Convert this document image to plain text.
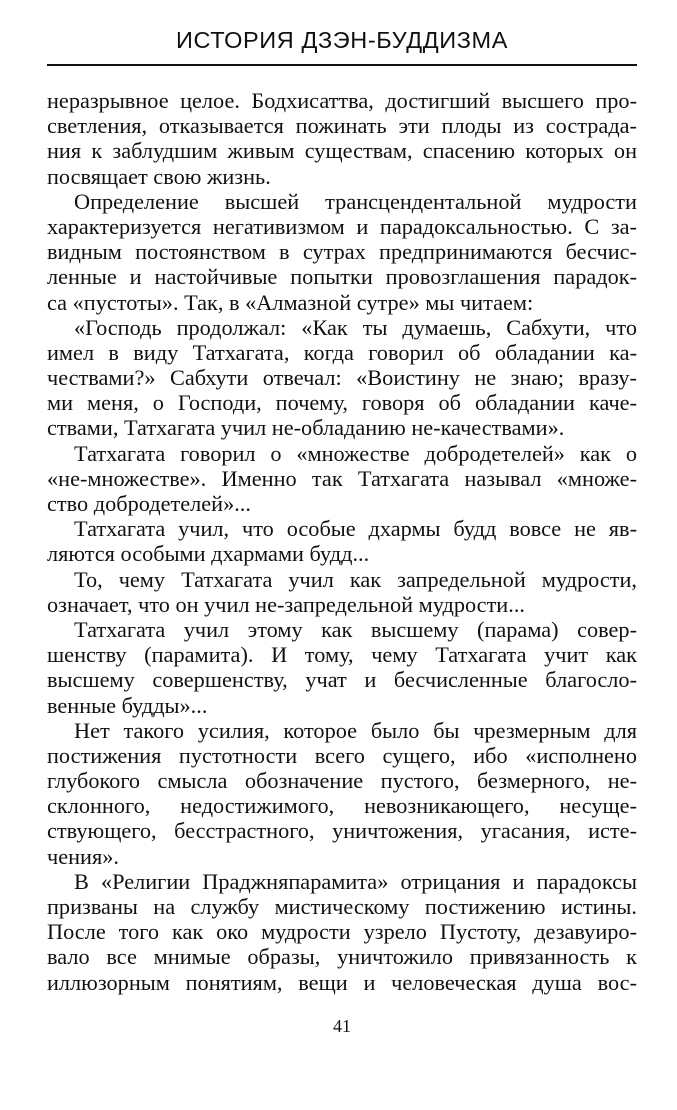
ИСТОРИЯ ДЗЭН-БУДДИЗМА
неразрывное целое. Бодхисаттва, достигший высшего про-
светления, отказывается пожинать эти плоды из сострада-
ния к заблудшим живым существам, спасению которых он
посвящает свою жизнь.
Определение высшей трансцендентальной мудрости
характеризуется негативизмом и парадоксальностью. С за-
видным постоянством в сутрах предпринимаются бесчис-
ленные и настойчивые попытки провозглашения парадок-
са «пустоты». Так, в «Алмазной сутре» мы читаем:
«Господь продолжал: «Как ты думаешь, Сабхути, что
имел в виду Татхагата, когда говорил об обладании ка-
чествами?» Сабхути отвечал: «Воистину не знаю; вразу-
ми меня, о Господи, почему, говоря об обладании каче-
ствами, Татхагата учил не-обладанию не-качествами».
Татхагата говорил о «множестве добродетелей» как о
«не-множестве». Именно так Татхагата называл «множе-
ство добродетелей»...
Татхагата учил, что особые дхармы будд вовсе не яв-
ляются особыми дхармами будд...
То, чему Татхагата учил как запредельной мудрости,
означает, что он учил не-запредельной мудрости...
Татхагата учил этому как высшему (парама) совер-
шенству (парамита). И тому, чему Татхагата учит как
высшему совершенству, учат и бесчисленные благосло-
венные будды»...
Нет такого усилия, которое было бы чрезмерным для
постижения пустотности всего сущего, ибо «исполнено
глубокого смысла обозначение пустого, безмерного, не-
склонного, недостижимого, невозникающего, несуще-
ствующего, бесстрастного, уничтожения, угасания, исте-
чения».
В «Религии Праджняпарамита» отрицания и парадоксы
призваны на службу мистическому постижению истины.
После того как око мудрости узрело Пустоту, дезавуиро-
вало все мнимые образы, уничтожило привязанность к
иллюзорным понятиям, вещи и человеческая душа вос-
41
